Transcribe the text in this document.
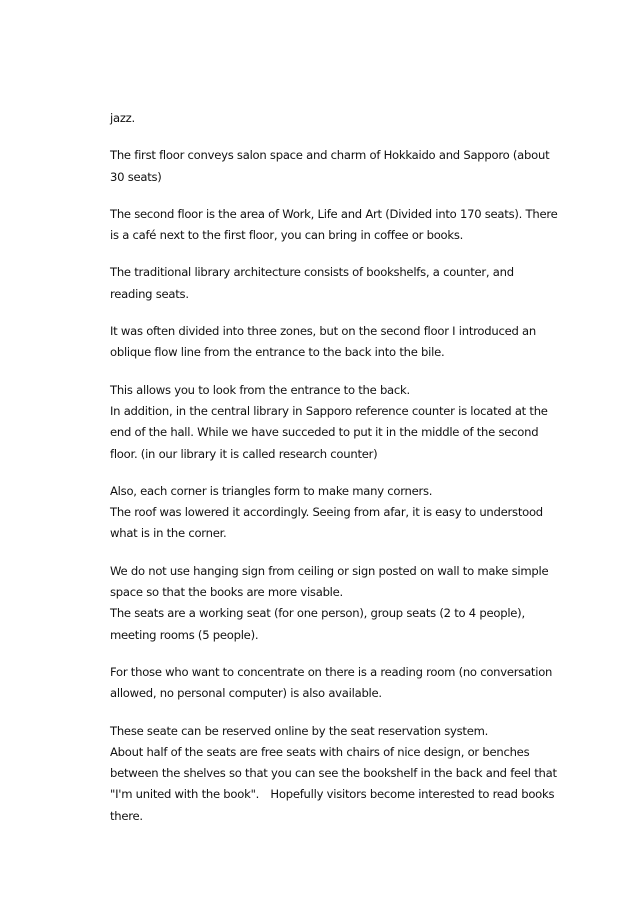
jazz.
The first floor conveys salon space and charm of Hokkaido and Sapporo (about
30 seats)
The second floor is the area of Work, Life and Art (Divided into 170 seats). There
is a café next to the first floor, you can bring in coffee or books.
The traditional library architecture consists of bookshelfs, a counter, and
reading seats.
It was often divided into three zones, but on the second floor I introduced an
oblique flow line from the entrance to the back into the bile.
This allows you to look from the entrance to the back.
In addition, in the central library in Sapporo reference counter is located at the
end of the hall. While we have succeded to put it in the middle of the second
floor. (in our library it is called research counter)
Also, each corner is triangles form to make many corners.
The roof was lowered it accordingly. Seeing from afar, it is easy to understood
what is in the corner.
We do not use hanging sign from ceiling or sign posted on wall to make simple
space so that the books are more visable.
The seats are a working seat (for one person), group seats (2 to 4 people),
meeting rooms (5 people).
For those who want to concentrate on there is a reading room (no conversation
allowed, no personal computer) is also available.
These seate can be reserved online by the seat reservation system.
About half of the seats are free seats with chairs of nice design, or benches
between the shelves so that you can see the bookshelf in the back and feel that
"I'm united with the book".　Hopefully visitors become interested to read books
there.
